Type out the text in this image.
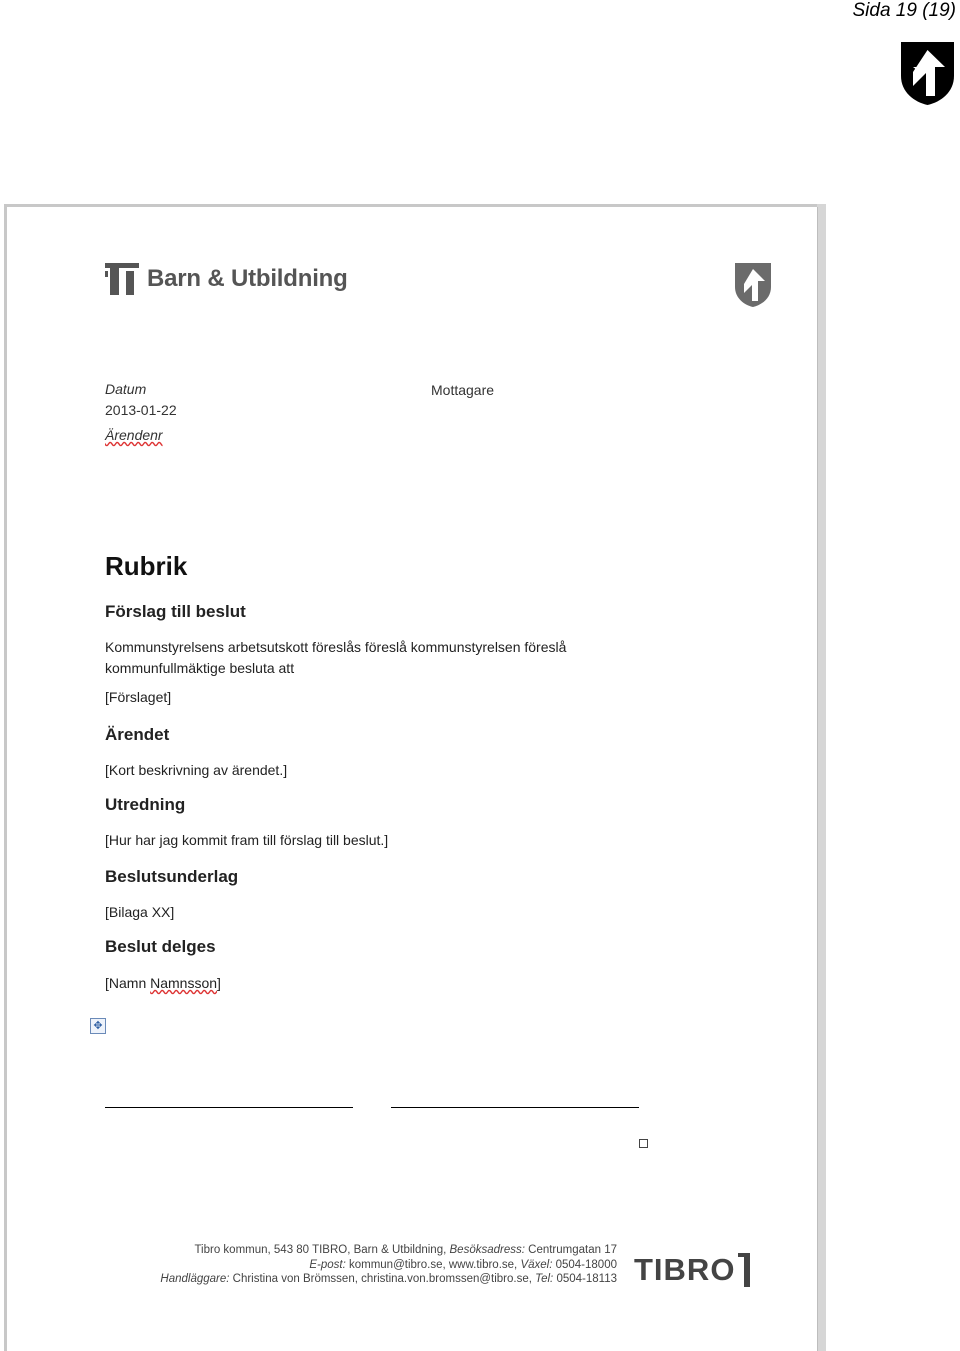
Sida 19 (19)
Barn & Utbildning
Datum
2013-01-22
Ärendenr
Mottagare
Rubrik
Förslag till beslut
Kommunstyrelsens arbetsutskott föreslås föreslå kommunstyrelsen föreslå kommunfullmäktige besluta att
[Förslaget]
Ärendet
[Kort beskrivning av ärendet.]
Utredning
[Hur har jag kommit fram till förslag till beslut.]
Beslutsunderlag
[Bilaga XX]
Beslut delges
[Namn Namnsson]
✥
Tibro kommun, 543 80 TIBRO, Barn & Utbildning, Besöksadress: Centrumgatan 17
E-post: kommun@tibro.se, www.tibro.se, Växel: 0504-18000
Handläggare: Christina von Brömssen, christina.von.bromssen@tibro.se, Tel: 0504-18113 TIBRO
